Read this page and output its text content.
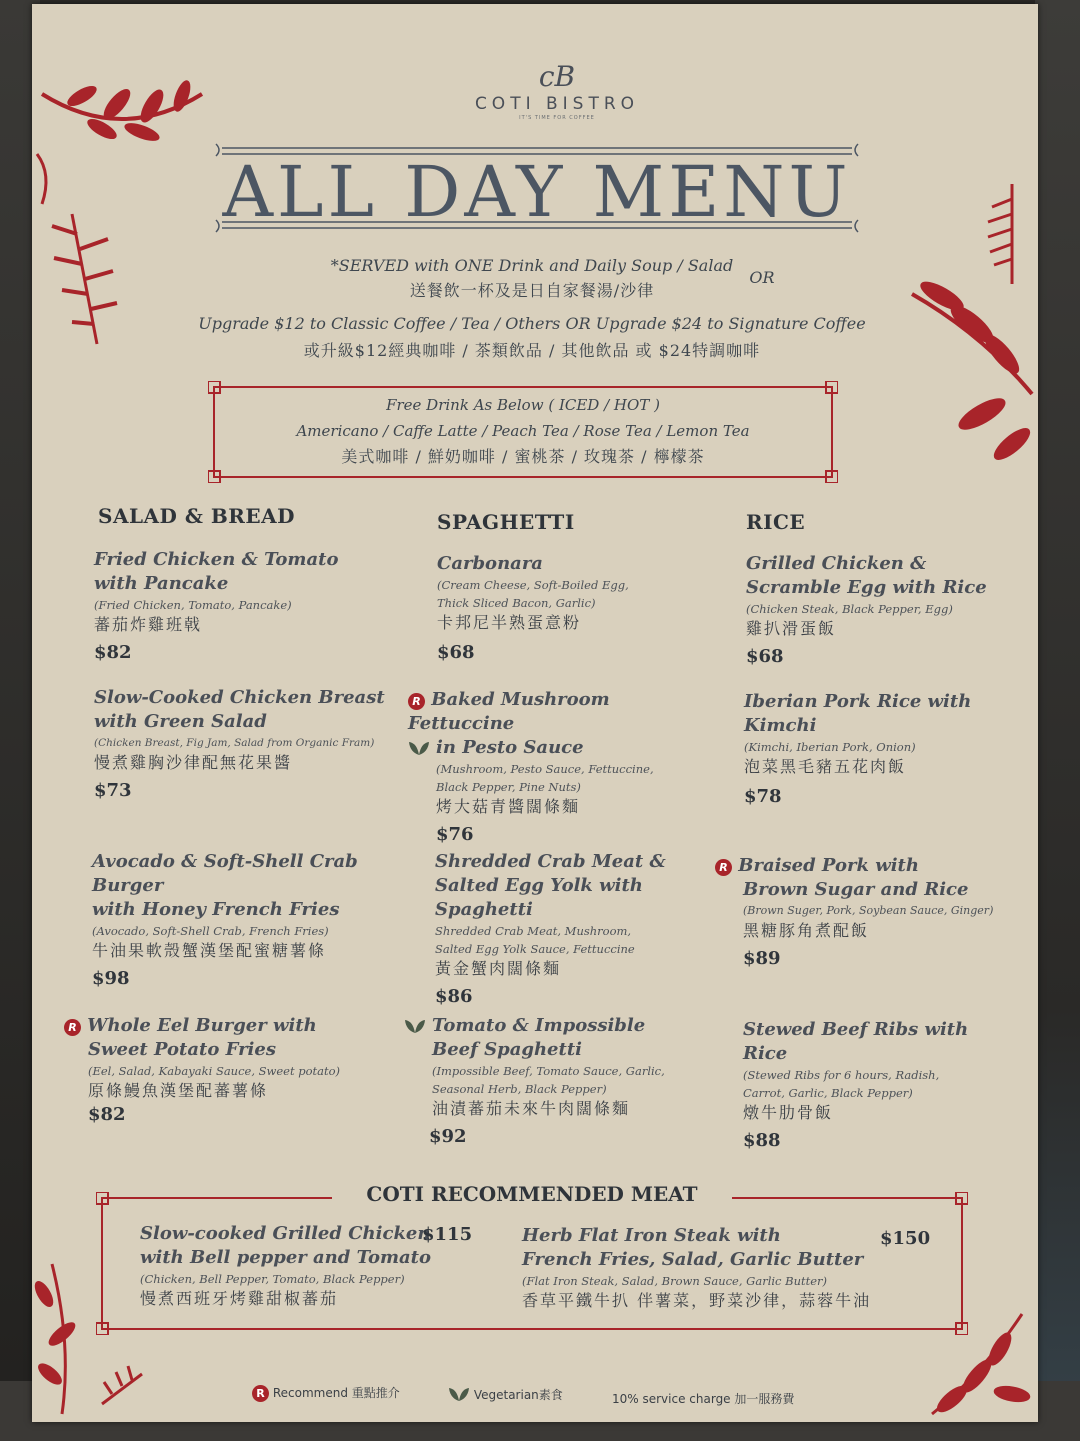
cB
COTI BISTRO
IT'S TIME FOR COFFEE
ALL DAY MENU
*SERVED with ONE Drink and Daily Soup / Salad
送餐飲一杯及是日自家餐湯/沙律
OR
Upgrade $12 to Classic Coffee / Tea / Others OR Upgrade $24 to Signature Coffee
或升級$12經典咖啡 / 茶類飲品 / 其他飲品 或 $24特調咖啡
Free Drink As Below ( ICED / HOT )
Americano / Caffe Latte / Peach Tea / Rose Tea / Lemon Tea
美式咖啡 / 鮮奶咖啡 / 蜜桃茶 / 玫瑰茶 / 檸檬茶
SALAD & BREAD
Fried Chicken & Tomato
with Pancake
(Fried Chicken, Tomato, Pancake)
蕃茄炸雞班戟
$82
Slow-Cooked Chicken Breast
with Green Salad
(Chicken Breast, Fig Jam, Salad from Organic Fram)
慢煮雞胸沙律配無花果醬
$73
Avocado & Soft-Shell Crab Burger
with Honey French Fries
(Avocado, Soft-Shell Crab, French Fries)
牛油果軟殼蟹漢堡配蜜糖薯條
$98
R Whole Eel Burger with
Sweet Potato Fries
(Eel, Salad, Kabayaki Sauce, Sweet potato)
原條鰻魚漢堡配蕃薯條
$82
SPAGHETTI
Carbonara
(Cream Cheese, Soft-Boiled Egg,
Thick Sliced Bacon, Garlic)
卡邦尼半熟蛋意粉
$68
R Baked Mushroom Fettuccine
in Pesto Sauce
(Mushroom, Pesto Sauce, Fettuccine,
Black Pepper, Pine Nuts)
烤大菇青醬闊條麵
$76
Shredded Crab Meat &
Salted Egg Yolk with Spaghetti
Shredded Crab Meat, Mushroom,
Salted Egg Yolk Sauce, Fettuccine
黃金蟹肉闊條麵
$86
Tomato & Impossible
Beef Spaghetti
(Impossible Beef, Tomato Sauce, Garlic,
Seasonal Herb, Black Pepper)
油漬蕃茄未來牛肉闊條麵
$92
RICE
Grilled Chicken &
Scramble Egg with Rice
(Chicken Steak, Black Pepper, Egg)
雞扒滑蛋飯
$68
Iberian Pork Rice with Kimchi
(Kimchi, Iberian Pork, Onion)
泡菜黑毛豬五花肉飯
$78
R Braised Pork with
Brown Sugar and Rice
(Brown Suger, Pork, Soybean Sauce, Ginger)
黑糖豚角煮配飯
$89
Stewed Beef Ribs with Rice
(Stewed Ribs for 6 hours, Radish,
Carrot, Garlic, Black Pepper)
燉牛肋骨飯
$88
COTI RECOMMENDED MEAT
Slow-cooked Grilled Chicken
with Bell pepper and Tomato
(Chicken, Bell Pepper, Tomato, Black Pepper)
慢煮西班牙烤雞甜椒蕃茄
$115	Herb Flat Iron Steak with
French Fries, Salad, Garlic Butter
(Flat Iron Steak, Salad, Brown Sauce, Garlic Butter)
香草平鐵牛扒 伴薯菜，野菜沙律，蒜蓉牛油
$150
R Recommend 重點推介	Vegetarian素食	10% service charge 加一服務費
